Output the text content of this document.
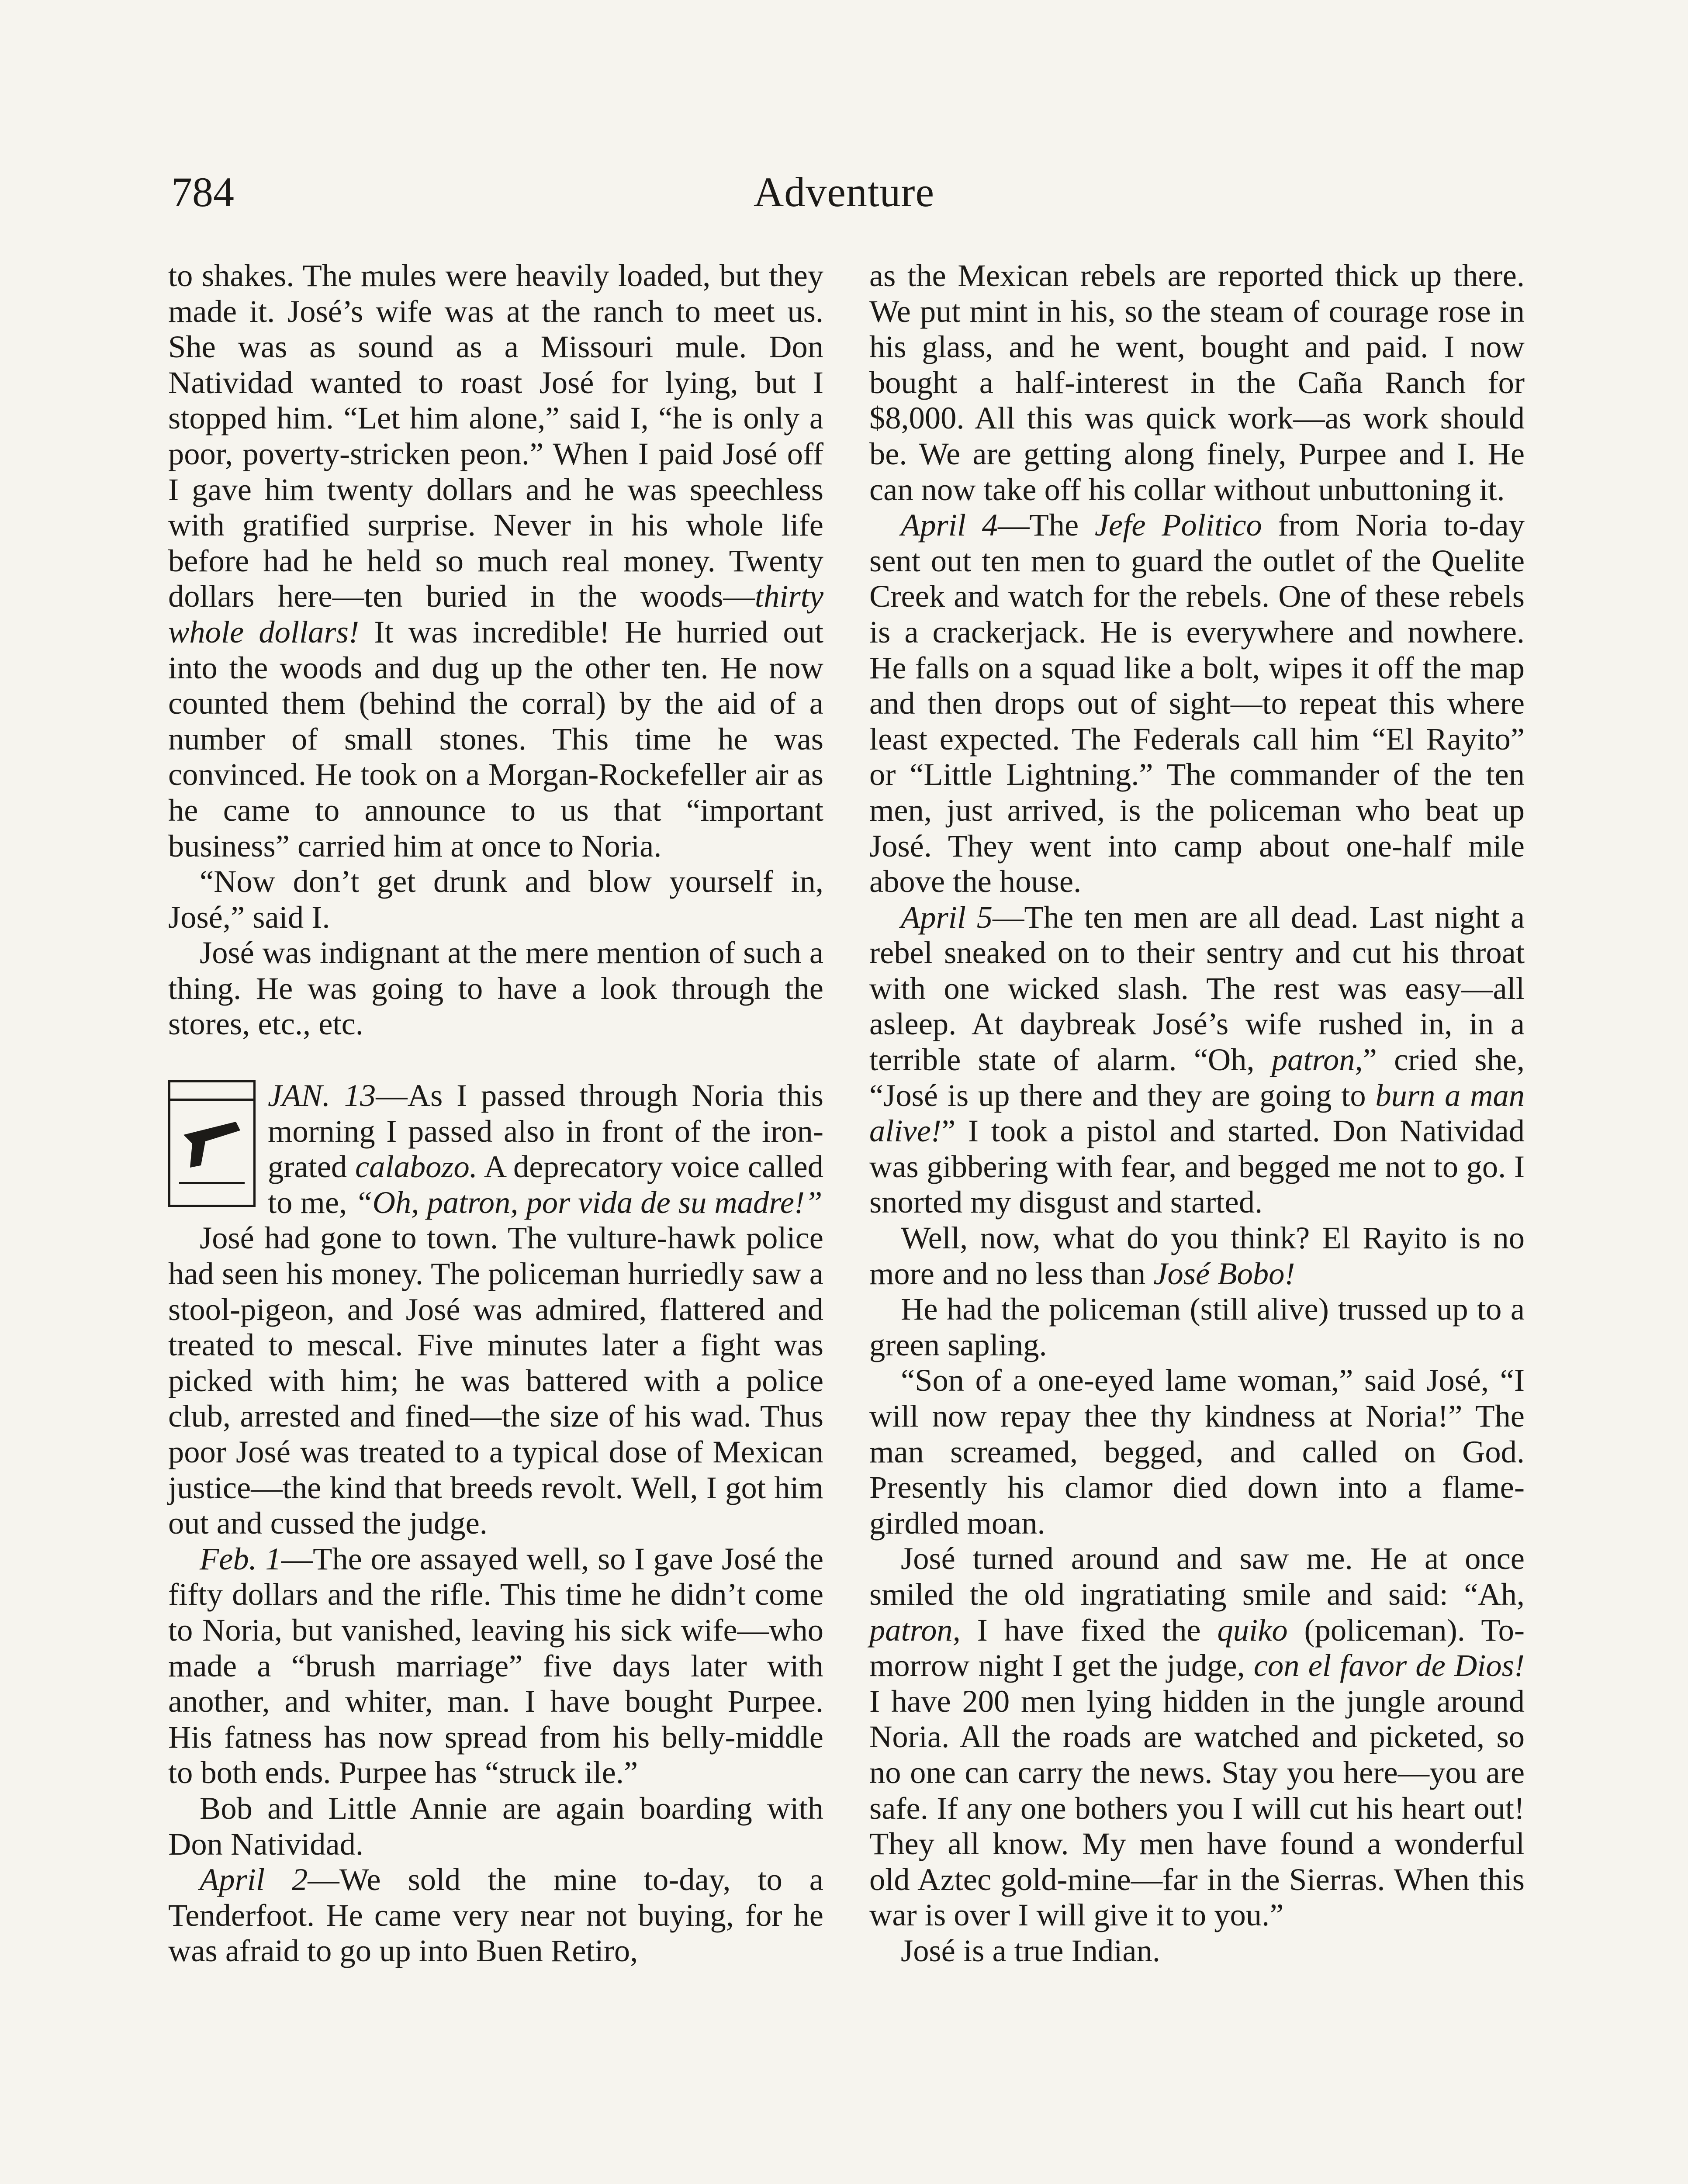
784	Adventure

to shakes. The mules were heavily loaded, but they made it. José’s wife was at the ranch to meet us. She was as sound as a Missouri mule. Don Natividad wanted to roast José for lying, but I stopped him. “Let him alone,” said I, “he is only a poor, poverty-stricken peon.” When I paid José off I gave him twenty dollars and he was speechless with gratified surprise. Never in his whole life before had he held so much real money. Twenty dollars here—ten buried in the woods—thirty whole dollars! It was incredible! He hurried out into the woods and dug up the other ten. He now counted them (behind the corral) by the aid of a number of small stones. This time he was convinced. He took on a Morgan-Rockefeller air as he came to announce to us that “important business” carried him at once to Noria.

“Now don’t get drunk and blow yourself in, José,” said I.

José was indignant at the mere mention of such a thing. He was going to have a look through the stores, etc., etc.

JAN. 13—As I passed through Noria this morning I passed also in front of the iron-grated calabozo. A deprecatory voice called to me, “Oh, patron, por vida de su madre!”

José had gone to town. The vulture-hawk police had seen his money. The policeman hurriedly saw a stool-pigeon, and José was admired, flattered and treated to mescal. Five minutes later a fight was picked with him; he was battered with a police club, arrested and fined—the size of his wad. Thus poor José was treated to a typical dose of Mexican justice—the kind that breeds revolt. Well, I got him out and cussed the judge.

Feb. 1—The ore assayed well, so I gave José the fifty dollars and the rifle. This time he didn’t come to Noria, but vanished, leaving his sick wife—who made a “brush marriage” five days later with another, and whiter, man. I have bought Purpee. His fatness has now spread from his belly-middle to both ends. Purpee has “struck ile.”

Bob and Little Annie are again boarding with Don Natividad.

April 2—We sold the mine to-day, to a Tenderfoot. He came very near not buying, for he was afraid to go up into Buen Retiro,

as the Mexican rebels are reported thick up there. We put mint in his, so the steam of courage rose in his glass, and he went, bought and paid. I now bought a half-interest in the Caña Ranch for $8,000. All this was quick work—as work should be. We are getting along finely, Purpee and I. He can now take off his collar without unbuttoning it.

April 4—The Jefe Politico from Noria to-day sent out ten men to guard the outlet of the Quelite Creek and watch for the rebels. One of these rebels is a crackerjack. He is everywhere and nowhere. He falls on a squad like a bolt, wipes it off the map and then drops out of sight—to repeat this where least expected. The Federals call him “El Rayito” or “Little Lightning.” The commander of the ten men, just arrived, is the policeman who beat up José. They went into camp about one-half mile above the house.

April 5—The ten men are all dead. Last night a rebel sneaked on to their sentry and cut his throat with one wicked slash. The rest was easy—all asleep. At daybreak José’s wife rushed in, in a terrible state of alarm. “Oh, patron,” cried she, “José is up there and they are going to burn a man alive!” I took a pistol and started. Don Natividad was gibbering with fear, and begged me not to go. I snorted my disgust and started.

Well, now, what do you think? El Rayito is no more and no less than José Bobo!

He had the policeman (still alive) trussed up to a green sapling.

“Son of a one-eyed lame woman,” said José, “I will now repay thee thy kindness at Noria!” The man screamed, begged, and called on God. Presently his clamor died down into a flame-girdled moan.

José turned around and saw me. He at once smiled the old ingratiating smile and said: “Ah, patron, I have fixed the quiko (policeman). To-morrow night I get the judge, con el favor de Dios! I have 200 men lying hidden in the jungle around Noria. All the roads are watched and picketed, so no one can carry the news. Stay you here—you are safe. If any one bothers you I will cut his heart out! They all know. My men have found a wonderful old Aztec gold-mine—far in the Sierras. When this war is over I will give it to you.”

José is a true Indian.
